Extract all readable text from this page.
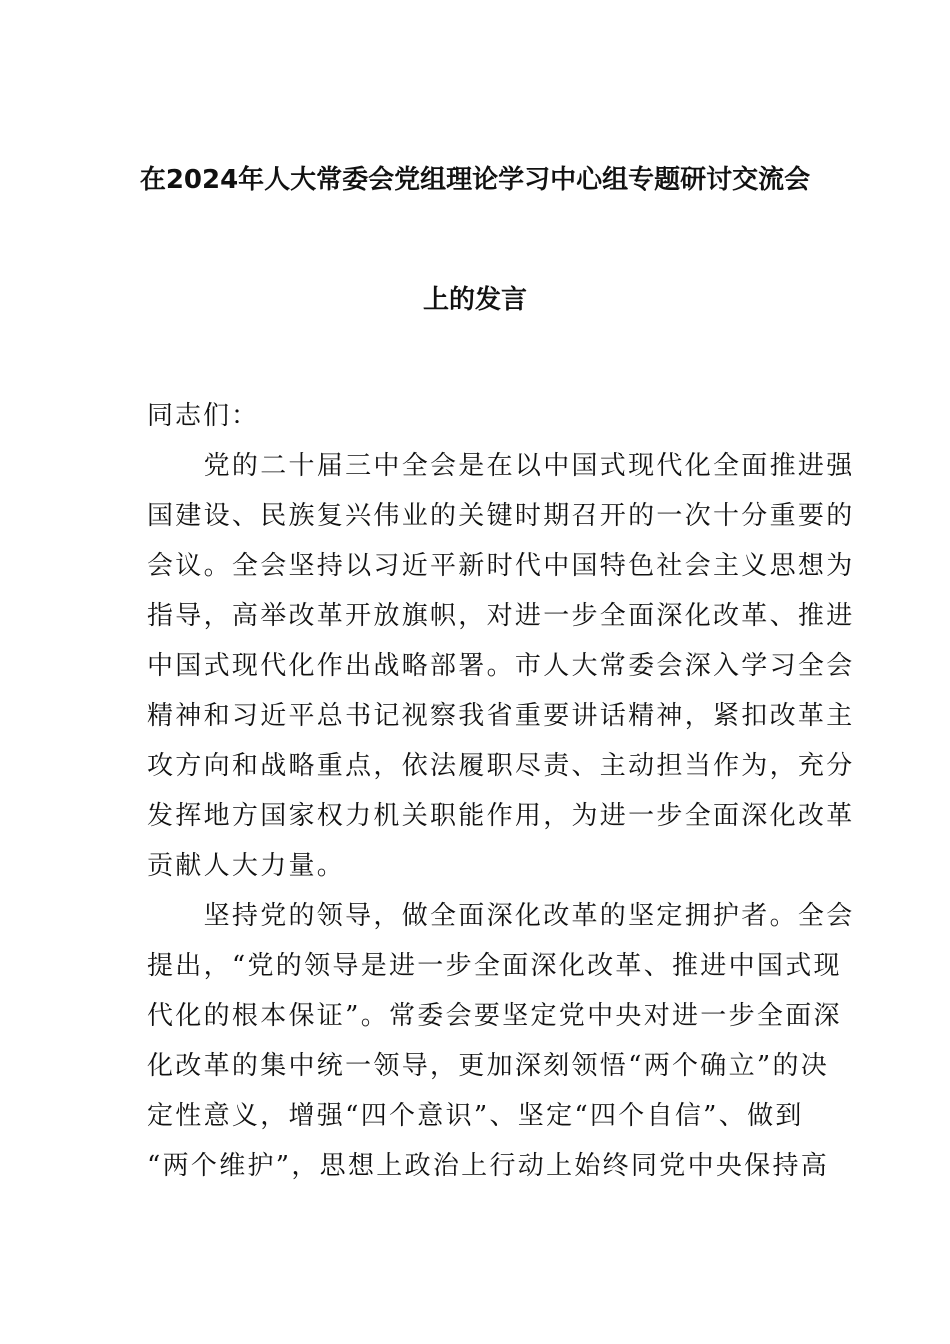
在2024年人大常委会党组理论学习中心组专题研讨交流会
上的发言
同志们：
　　党的二十届三中全会是在以中国式现代化全面推进强
国建设、民族复兴伟业的关键时期召开的一次十分重要的
会议。全会坚持以习近平新时代中国特色社会主义思想为
指导，高举改革开放旗帜，对进一步全面深化改革、推进
中国式现代化作出战略部署。市人大常委会深入学习全会
精神和习近平总书记视察我省重要讲话精神，紧扣改革主
攻方向和战略重点，依法履职尽责、主动担当作为，充分
发挥地方国家权力机关职能作用，为进一步全面深化改革
贡献人大力量。
　　坚持党的领导，做全面深化改革的坚定拥护者。全会
提出，“党的领导是进一步全面深化改革、推进中国式现
代化的根本保证”。常委会要坚定党中央对进一步全面深
化改革的集中统一领导，更加深刻领悟“两个确立”的决
定性意义，增强“四个意识”、坚定“四个自信”、做到
“两个维护”，思想上政治上行动上始终同党中央保持高
